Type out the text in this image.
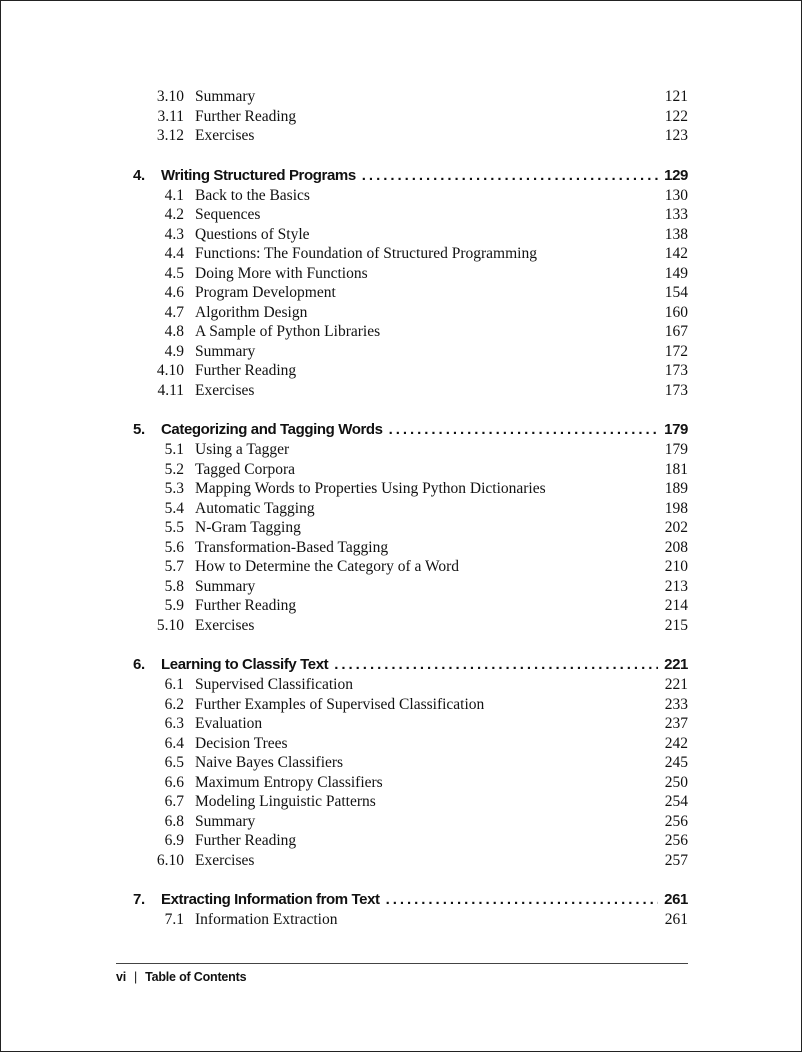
3.10 Summary	121
3.11 Further Reading	122
3.12 Exercises	123
4.	Writing Structured Programs . . .	129
4.1 Back to the Basics	130
4.2 Sequences	133
4.3 Questions of Style	138
4.4 Functions: The Foundation of Structured Programming	142
4.5 Doing More with Functions	149
4.6 Program Development	154
4.7 Algorithm Design	160
4.8 A Sample of Python Libraries	167
4.9 Summary	172
4.10 Further Reading	173
4.11 Exercises	173
5.	Categorizing and Tagging Words . . .	179
5.1 Using a Tagger	179
5.2 Tagged Corpora	181
5.3 Mapping Words to Properties Using Python Dictionaries	189
5.4 Automatic Tagging	198
5.5 N-Gram Tagging	202
5.6 Transformation-Based Tagging	208
5.7 How to Determine the Category of a Word	210
5.8 Summary	213
5.9 Further Reading	214
5.10 Exercises	215
6.	Learning to Classify Text . . .	221
6.1 Supervised Classification	221
6.2 Further Examples of Supervised Classification	233
6.3 Evaluation	237
6.4 Decision Trees	242
6.5 Naive Bayes Classifiers	245
6.6 Maximum Entropy Classifiers	250
6.7 Modeling Linguistic Patterns	254
6.8 Summary	256
6.9 Further Reading	256
6.10 Exercises	257
7.	Extracting Information from Text . . .	261
7.1 Information Extraction	261
vi | Table of Contents
